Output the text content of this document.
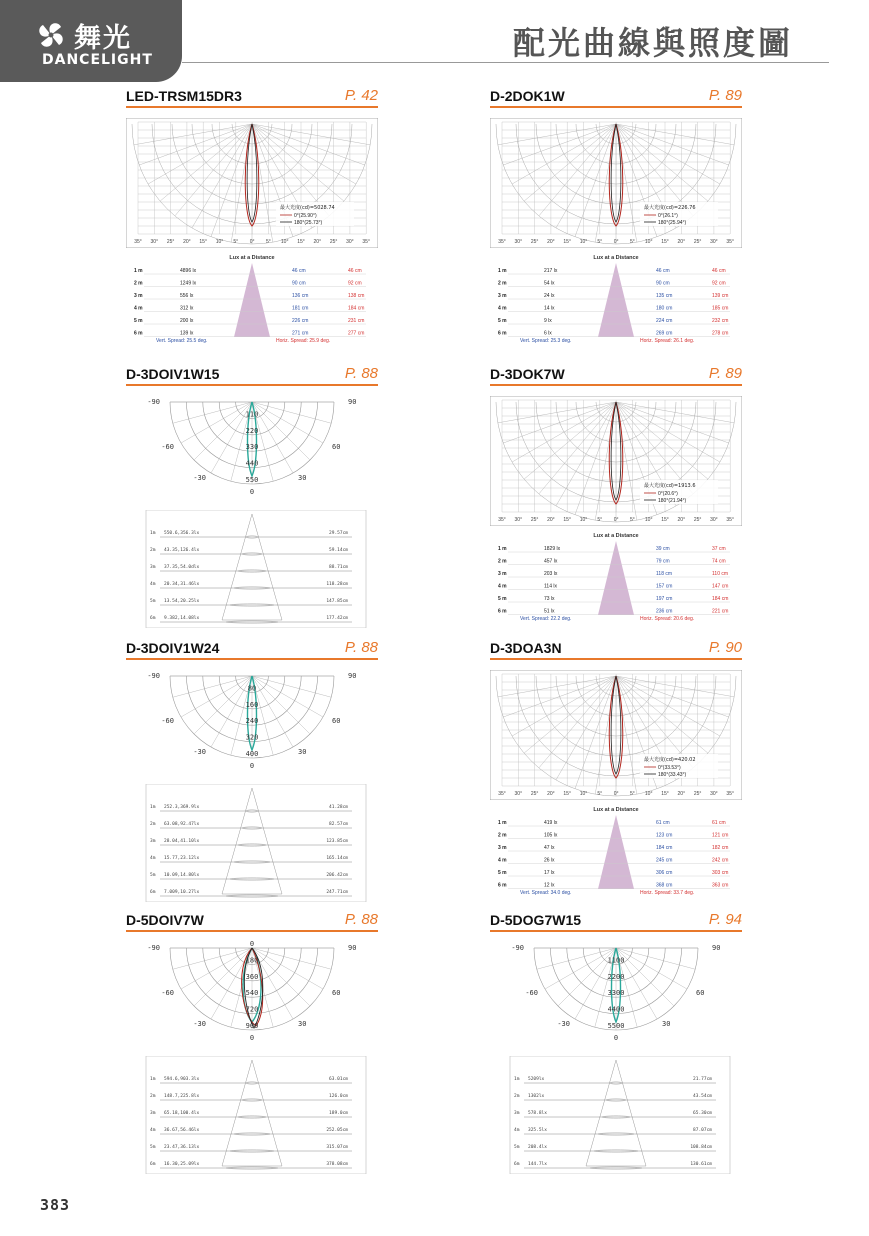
舞光
DANCELIGHT	配光曲線與照度圖
LED-TRSM15DR3	P. 42
35° 30° 25° 20° 15° 10° 5° 0° 5° 10° 15° 20° 25° 30° 35°
最大光度(cd)=5028.74
0°(25.90°)
180°(25.73°)
Lux at a Distance
1 m	4896 lx	46 cm	46 cm
2 m	1249 lx	90 cm	92 cm
3 m	556 lx	136 cm	138 cm
4 m	312 lx	181 cm	184 cm
5 m	200 lx	226 cm	231 cm
6 m	139 lx	271 cm	277 cm
Vert. Spread: 25.5 deg.	Horiz. Spread: 25.9 deg.
D-2DOK1W	P. 89
35° 30° 25° 20° 15° 10° 5° 0° 5° 10° 15° 20° 25° 30° 35°
最大光度(cd)=226.76
0°(26.1°)
180°(25.94°)
Lux at a Distance
1 m	217 lx	46 cm	46 cm
2 m	54 lx	90 cm	92 cm
3 m	24 lx	135 cm	139 cm
4 m	14 lx	180 cm	185 cm
5 m	9 lx	224 cm	232 cm
6 m	6 lx	269 cm	278 cm
Vert. Spread: 25.3 deg.	Horiz. Spread: 26.1 deg.
D-3DOIV1W15	P. 88
110
220
330
440
550
-90	90
-60	60
-30	30
0
1m 550.6,356.3lx	29.57cm
2m 43.35,126.4lx	59.14cm
3m 37.35,54.0dlx	88.71cm
4m 20.34,31.46lx	118.28cm
5m 13.54,20.25lx	147.85cm
6m 9.382,14.08lx	177.42cm
D-3DOK7W	P. 89
35° 30° 25° 20° 15° 10° 5° 0° 5° 10° 15° 20° 25° 30° 35°
最大光度(cd)=1913.6
0°(20.6°)
180°(21.94°)
Lux at a Distance
1 m	1829 lx	39 cm	37 cm
2 m	457 lx	79 cm	74 cm
3 m	203 lx	118 cm	110 cm
4 m	114 lx	157 cm	147 cm
5 m	73 lx	197 cm	184 cm
6 m	51 lx	236 cm	221 cm
Vert. Spread: 22.2 deg.	Horiz. Spread: 20.6 deg.
D-3DOIV1W24	P. 88
80
160
240
320
400
-90	90
-60	60
-30	30
0
1m 252.3,369.9lx	41.28cm
2m 63.08,92.47lx	82.57cm
3m 28.04,41.10lx	123.85cm
4m 15.77,23.12lx	165.14cm
5m 10.09,14.80lx	206.42cm
6m 7.009,10.27lx	247.71cm
D-3DOA3N	P. 90
35° 30° 25° 20° 15° 10° 5° 0° 5° 10° 15° 20° 25° 30° 35°
最大光度(cd)=420.02
0°(33.53°)
180°(33.43°)
Lux at a Distance
1 m	419 lx	61 cm	61 cm
2 m	105 lx	123 cm	121 cm
3 m	47 lx	184 cm	182 cm
4 m	26 lx	245 cm	242 cm
5 m	17 lx	306 cm	303 cm
6 m	12 lx	368 cm	363 cm
Vert. Spread: 34.0 deg.	Horiz. Spread: 33.7 deg.
D-5DOIV7W	P. 88
180
360
540
720
900
-90	90
-60	60
-30	30
0
0
1m 594.6,903.3lx	63.01cm
2m 148.7,225.8lx	126.0cm
3m 65.18,100.4lx	189.0cm
4m 36.67,56.46lx	252.05cm
5m 23.47,36.13lx	315.07cm
6m 16.30,25.09lx	378.08cm
D-5DOG7W15	P. 94
1100
2200
3300
4400
5500
-90	90
-60	60
-30	30
0
1m 5209lx	21.77cm
2m 1302lx	43.54cm
3m 578.8lx	65.30cm
4m 325.5lx	87.07cm
5m 208.4lx	108.84cm
6m 144.7lx	130.61cm
383
